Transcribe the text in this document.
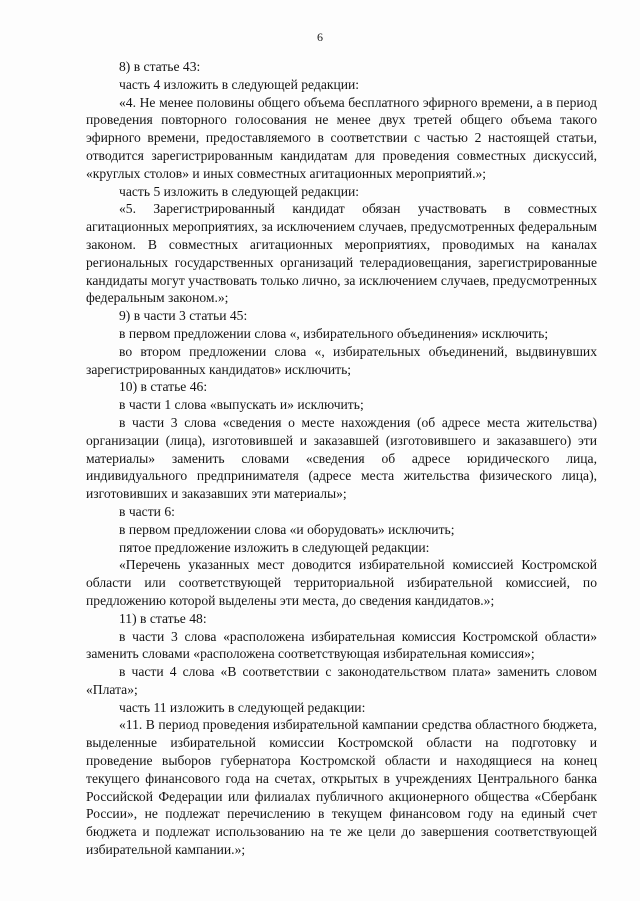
6

8) в статье 43:

часть 4 изложить в следующей редакции:

«4. Не менее половины общего объема бесплатного эфирного времени, а в период проведения повторного голосования не менее двух третей общего объема такого эфирного времени, предоставляемого в соответствии с частью 2 настоящей статьи, отводится зарегистрированным кандидатам для проведения совместных дискуссий, «круглых столов» и иных совместных агитационных мероприятий.»;

часть 5 изложить в следующей редакции:

«5. Зарегистрированный кандидат обязан участвовать в совместных агитационных мероприятиях, за исключением случаев, предусмотренных федеральным законом. В совместных агитационных мероприятиях, проводимых на каналах региональных государственных организаций телерадиовещания, зарегистрированные кандидаты могут участвовать только лично, за исключением случаев, предусмотренных федеральным законом.»;

9) в части 3 статьи 45:

в первом предложении слова «, избирательного объединения» исключить;

во втором предложении слова «, избирательных объединений, выдвинувших зарегистрированных кандидатов» исключить;

10) в статье 46:

в части 1 слова «выпускать и» исключить;

в части 3 слова «сведения о месте нахождения (об адресе места жительства) организации (лица), изготовившей и заказавшей (изготовившего и заказавшего) эти материалы» заменить словами «сведения об адресе юридического лица, индивидуального предпринимателя (адресе места жительства физического лица), изготовивших и заказавших эти материалы»;

в части 6:

в первом предложении слова «и оборудовать» исключить;

пятое предложение изложить в следующей редакции:

«Перечень указанных мест доводится избирательной комиссией Костромской области или соответствующей территориальной избирательной комиссией, по предложению которой выделены эти места, до сведения кандидатов.»;

11) в статье 48:

в части 3 слова «расположена избирательная комиссия Костромской области» заменить словами «расположена соответствующая избирательная комиссия»;

в части 4 слова «В соответствии с законодательством плата» заменить словом «Плата»;

часть 11 изложить в следующей редакции:

«11. В период проведения избирательной кампании средства областного бюджета, выделенные избирательной комиссии Костромской области на подготовку и проведение выборов губернатора Костромской области и находящиеся на конец текущего финансового года на счетах, открытых в учреждениях Центрального банка Российской Федерации или филиалах публичного акционерного общества «Сбербанк России», не подлежат перечислению в текущем финансовом году на единый счет бюджета и подлежат использованию на те же цели до завершения соответствующей избирательной кампании.»;
